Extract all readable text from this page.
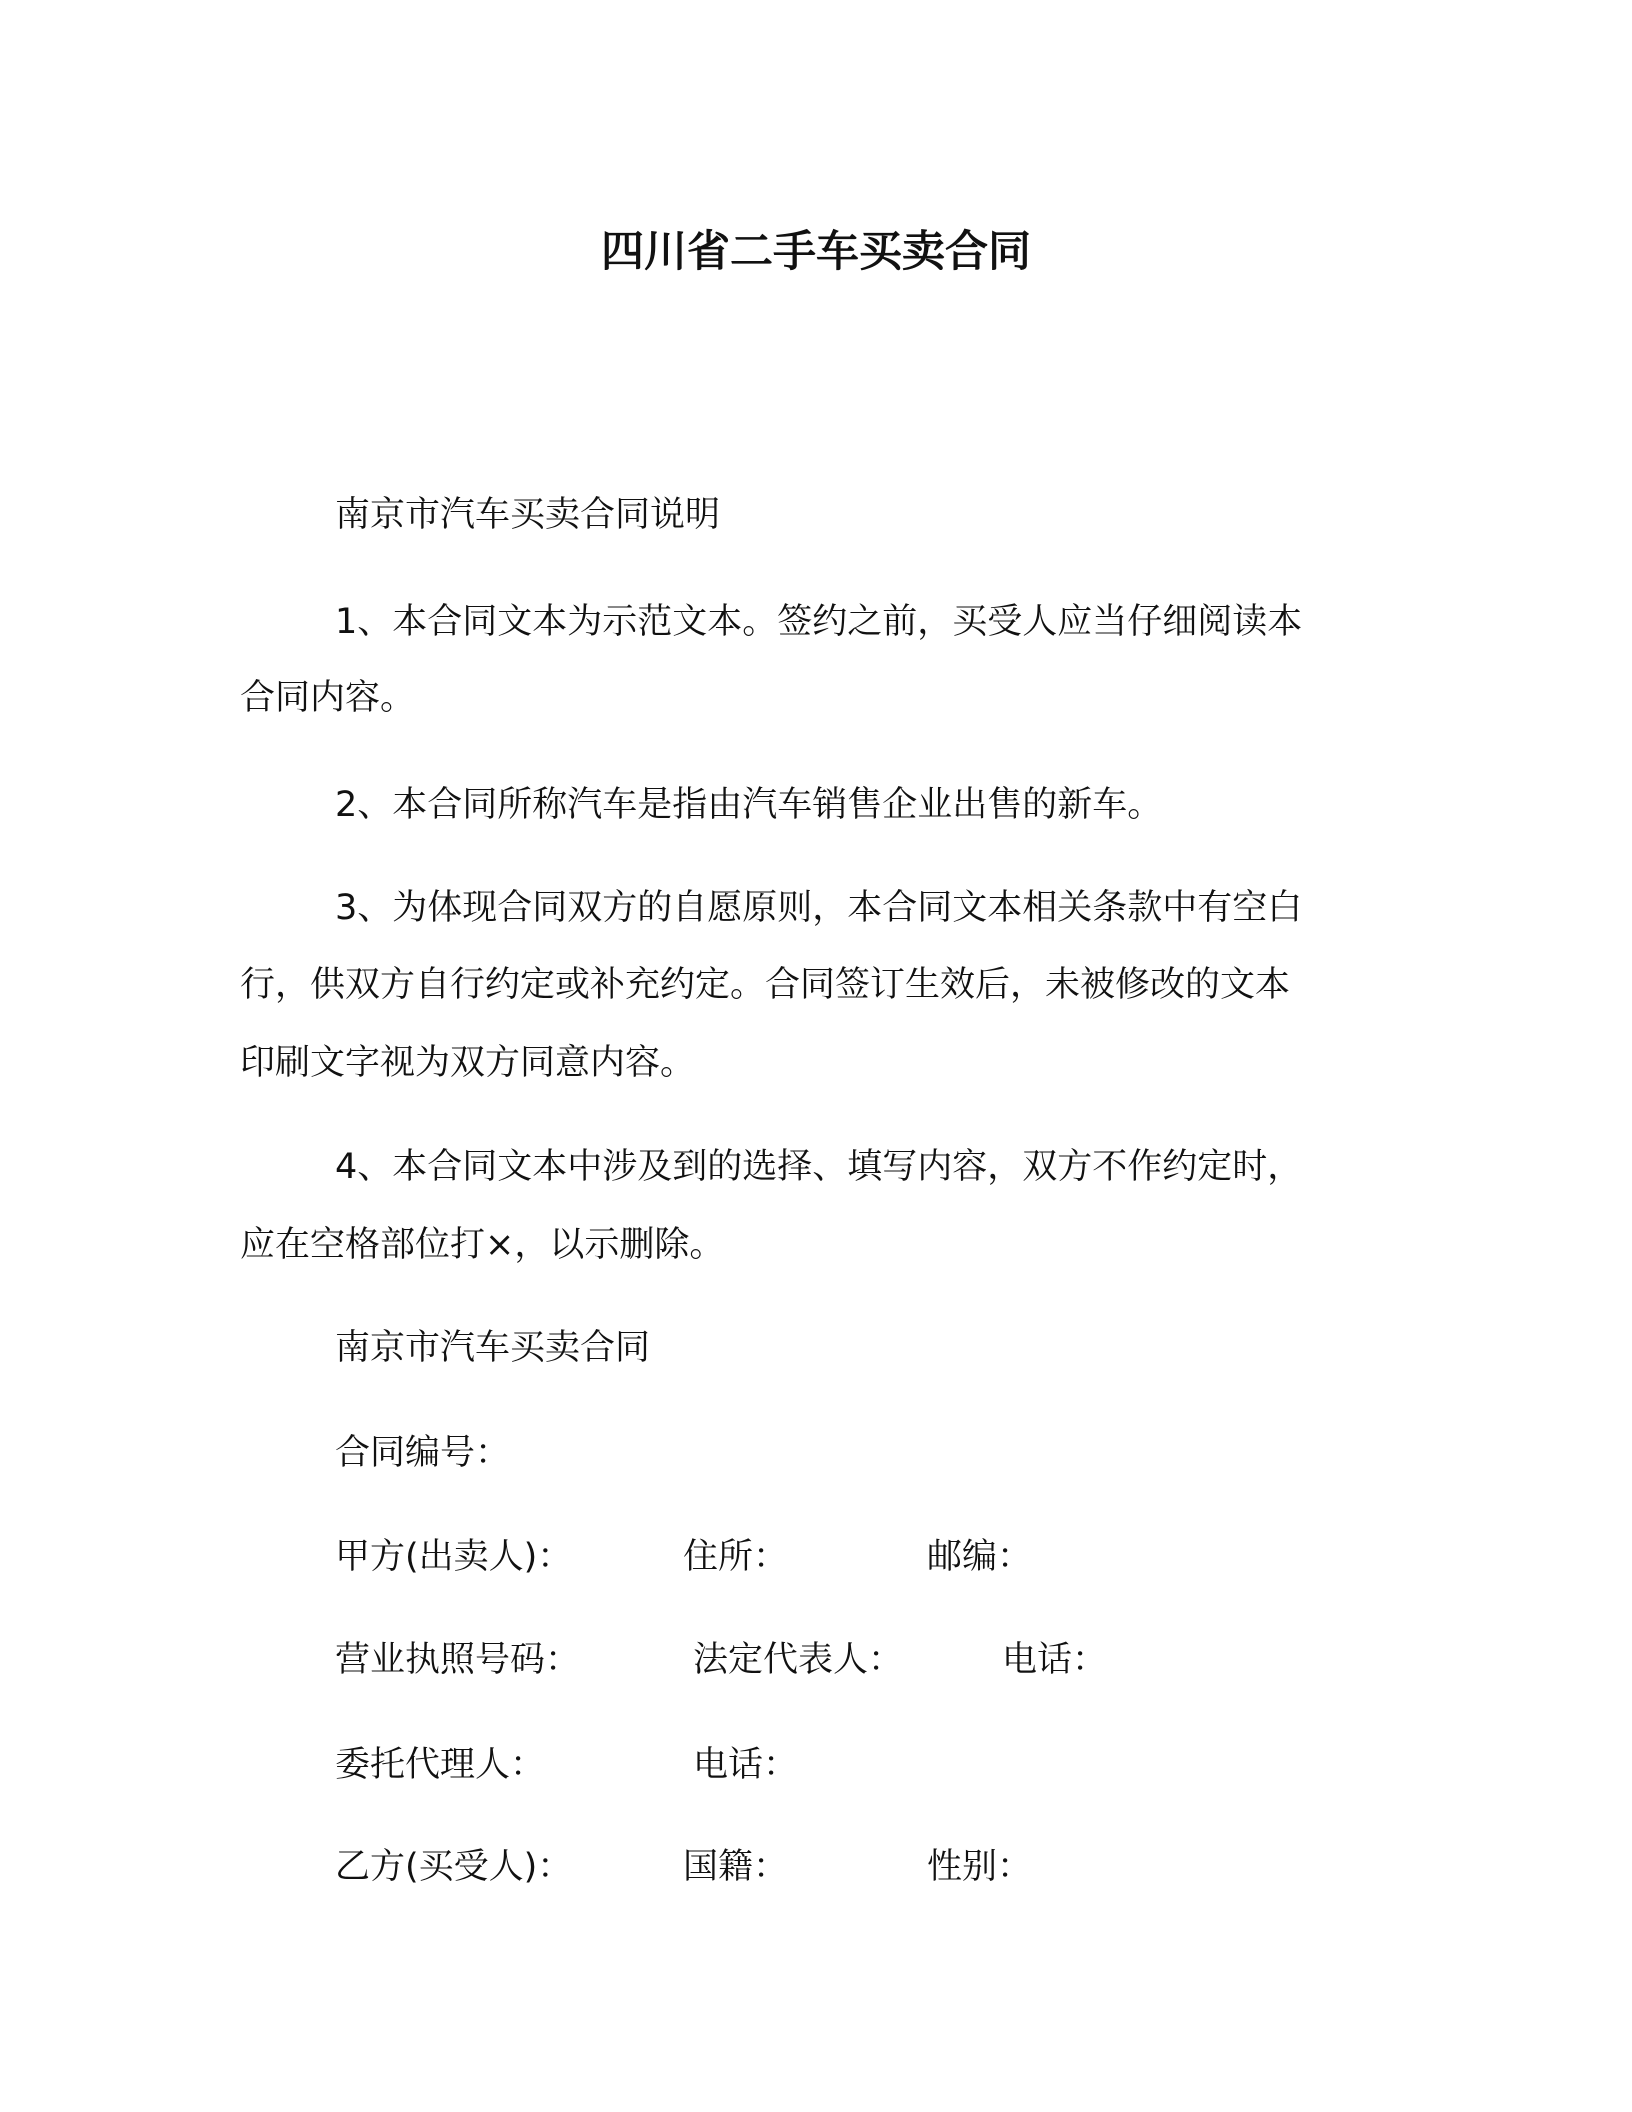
四川省二手车买卖合同

南京市汽车买卖合同说明

1、本合同文本为示范文本。签约之前，买受人应当仔细阅读本

合同内容。

2、本合同所称汽车是指由汽车销售企业出售的新车。

3、为体现合同双方的自愿原则，本合同文本相关条款中有空白

行，供双方自行约定或补充约定。合同签订生效后，未被修改的文本

印刷文字视为双方同意内容。

4、本合同文本中涉及到的选择、填写内容，双方不作约定时，

应在空格部位打×，以示删除。

南京市汽车买卖合同

合同编号：

甲方(出卖人)：	住所：	邮编：
营业执照号码：	法定代表人：	电话：
委托代理人：	电话：
乙方(买受人)：	国籍：	性别：
